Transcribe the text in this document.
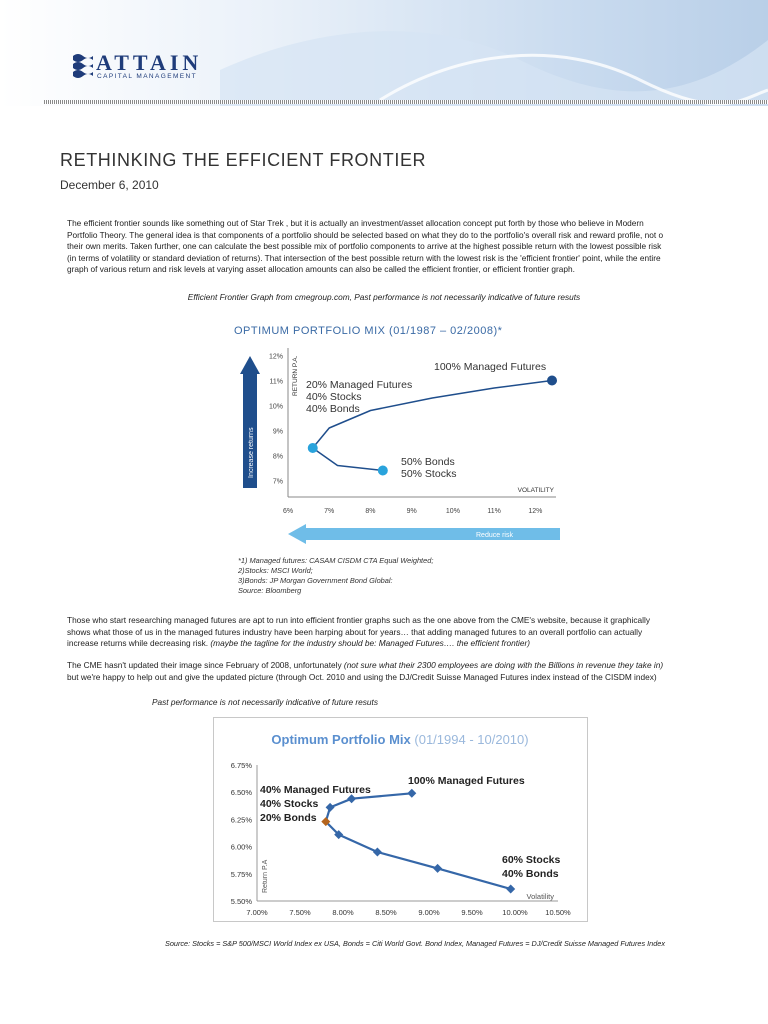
ATTAIN
CAPITAL MANAGEMENT
RETHINKING THE EFFICIENT FRONTIER
December 6, 2010
The efficient frontier sounds like something out of Star Trek , but it is actually an investment/asset allocation concept put forth by those who believe in Modern
Portfolio Theory. The general idea is that components of a portfolio should be selected based on what they do to the portfolio's overall risk and reward profile, not o
their own merits. Taken further, one can calculate the best possible mix of portfolio components to arrive at the highest possible return with the lowest possible risk
(in terms of volatility or standard deviation of returns). That intersection of the best possible return with the lowest risk is the 'efficient frontier' point, while the entire
graph of various return and risk levels at varying asset allocation amounts can also be called the efficient frontier, or efficient frontier graph.
Efficient Frontier Graph from cmegroup.com, Past performance is not necessarily indicative of future resuts
OPTIMUM PORTFOLIO MIX (01/1987 – 02/2008)*
Increase returns
RETURN P.A.
VOLATILITY
7%
8%
9%
10%
11%
12%
6%	7%	8%	9%	10%	11%	12%
100% Managed Futures
20% Managed Futures
40% Stocks
40% Bonds
50% Bonds
50% Stocks
Reduce risk
*1) Managed futures: CASAM CISDM CTA Equal Weighted;
2)Stocks: MSCI World;
3)Bonds: JP Morgan Government Bond Global:
Source: Bloomberg
Those who start researching managed futures are apt to run into efficient frontier graphs such as the one above from the CME's website, because it graphically
shows what those of us in the managed futures industry have been harping about for years… that adding managed futures to an overall portfolio can actually
increase returns while decreasing risk. (maybe the tagline for the industry should be: Managed Futures…. the efficient frontier)
The CME hasn't updated their image since February of 2008, unfortunately (not sure what their 2300 employees are doing with the Billions in revenue they take in)
but we're happy to help out and give the updated picture (through Oct. 2010 and using the DJ/Credit Suisse Managed Futures index instead of the CISDM index)
Past performance is not necessarily indicative of future resuts
Optimum Portfolio Mix (01/1994 - 10/2010)
5.50%
5.75%
6.00%
6.25%
6.50%
6.75%
7.00%	7.50%	8.00%	8.50%	9.00%	9.50%	10.00% 10.50%
Return P.A
Volatility
100% Managed Futures
40% Managed Futures
40% Stocks
20% Bonds
60% Stocks
40% Bonds
Source: Stocks = S&P 500/MSCI World Index ex USA, Bonds = Citi World Govt. Bond Index, Managed Futures = DJ/Credit Suisse Managed Futures Index
